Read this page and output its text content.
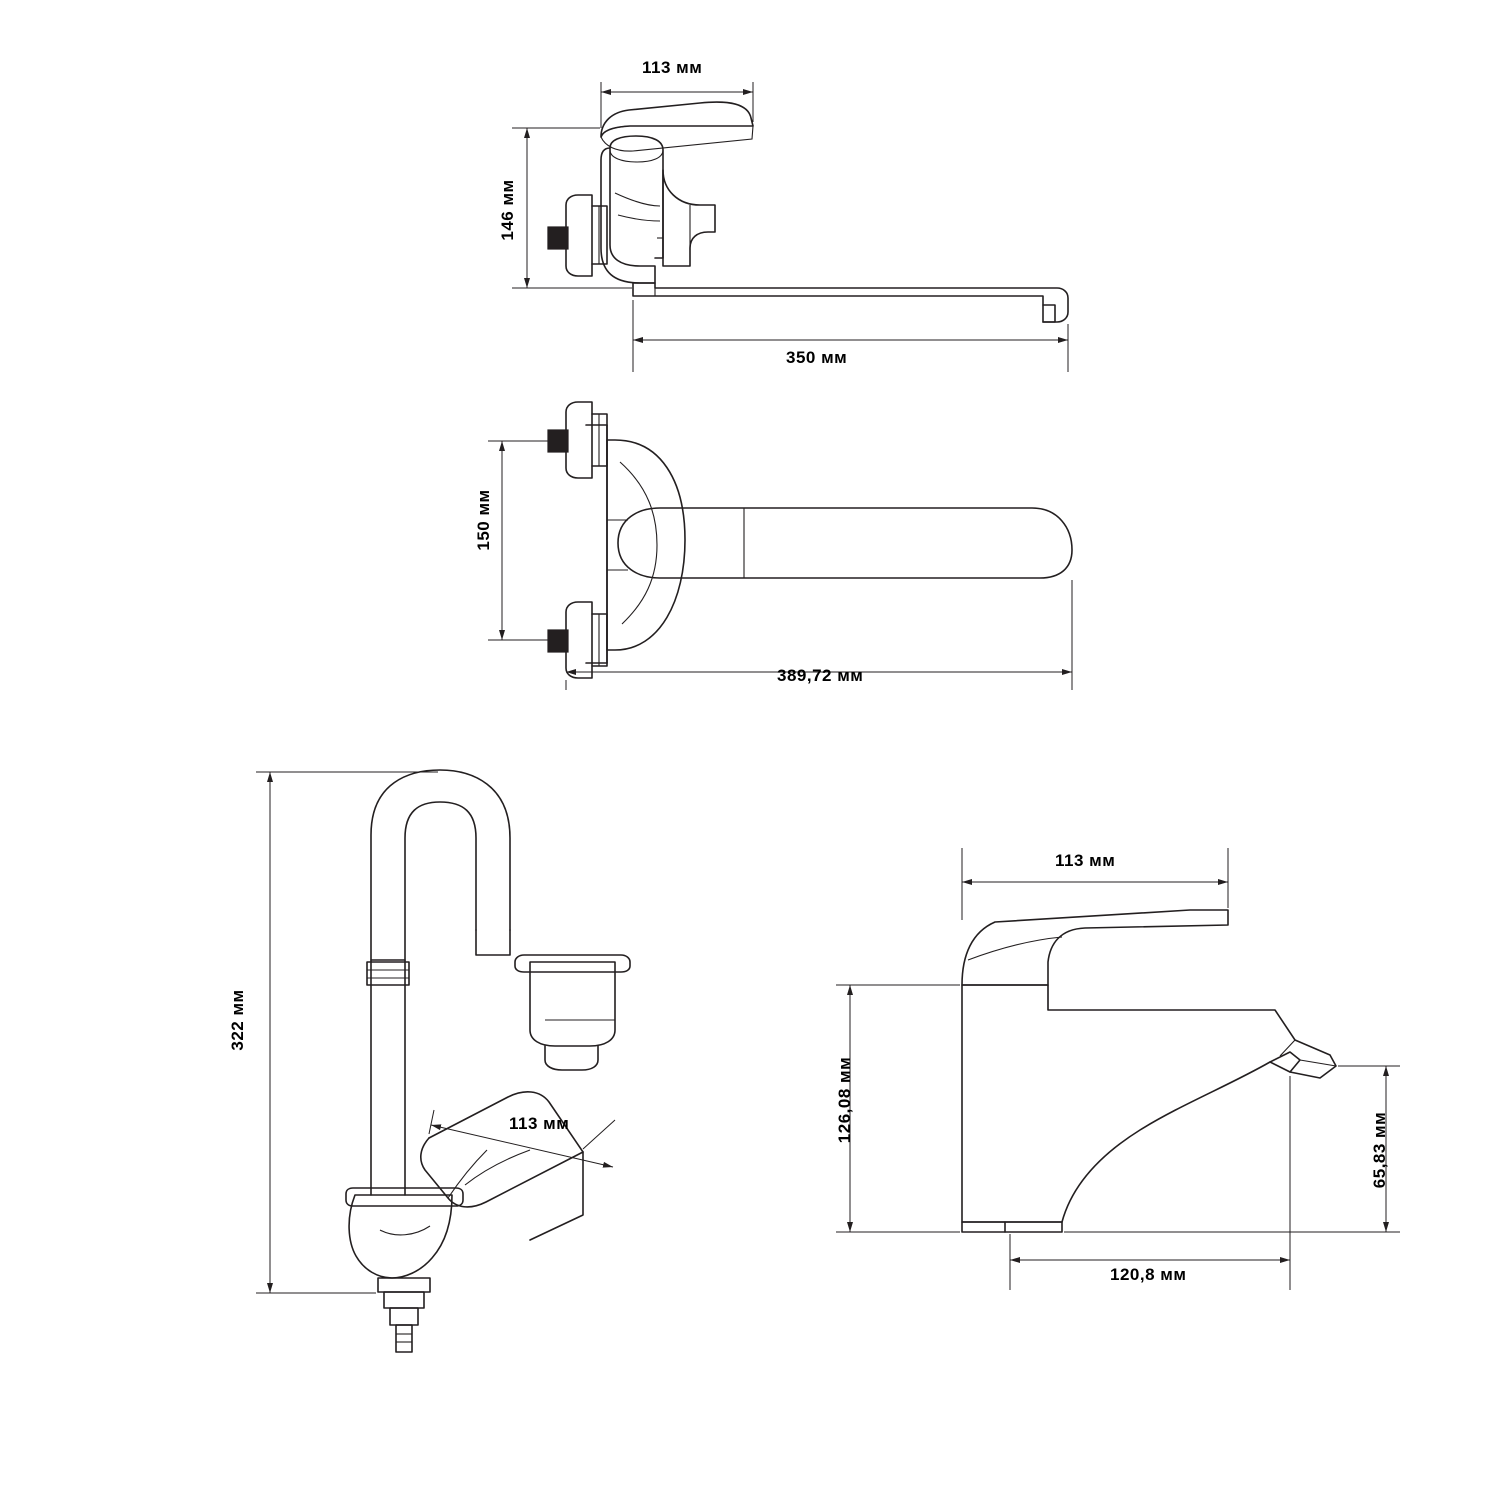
113 мм
146 мм
350 мм
150 мм
389,72 мм
322 мм
113 мм
113 мм
126,08 мм
65,83 мм
120,8 мм
